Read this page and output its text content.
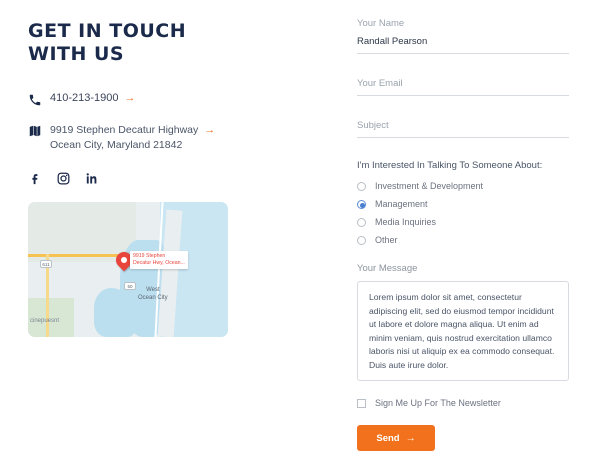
GET IN TOUCH
WITH US
410-213-1900 →
9919 Stephen Decatur Highway →
Ocean City, Maryland 21842
50
611
9919 Stephen
Decatur Hwy, Ocean...
West
Ocean City
cinepuesnt
Your Name
Randall Pearson
Your Email
Subject
I'm Interested In Talking To Someone About:
Investment & Development
Management
Media Inquiries
Other
Your Message
Lorem ipsum dolor sit amet, consectetur adipiscing elit, sed do eiusmod tempor incididunt ut labore et dolore magna aliqua. Ut enim ad minim veniam, quis nostrud exercitation ullamco laboris nisi ut aliquip ex ea commodo consequat. Duis aute irure dolor.
Sign Me Up For The Newsletter
Send →
